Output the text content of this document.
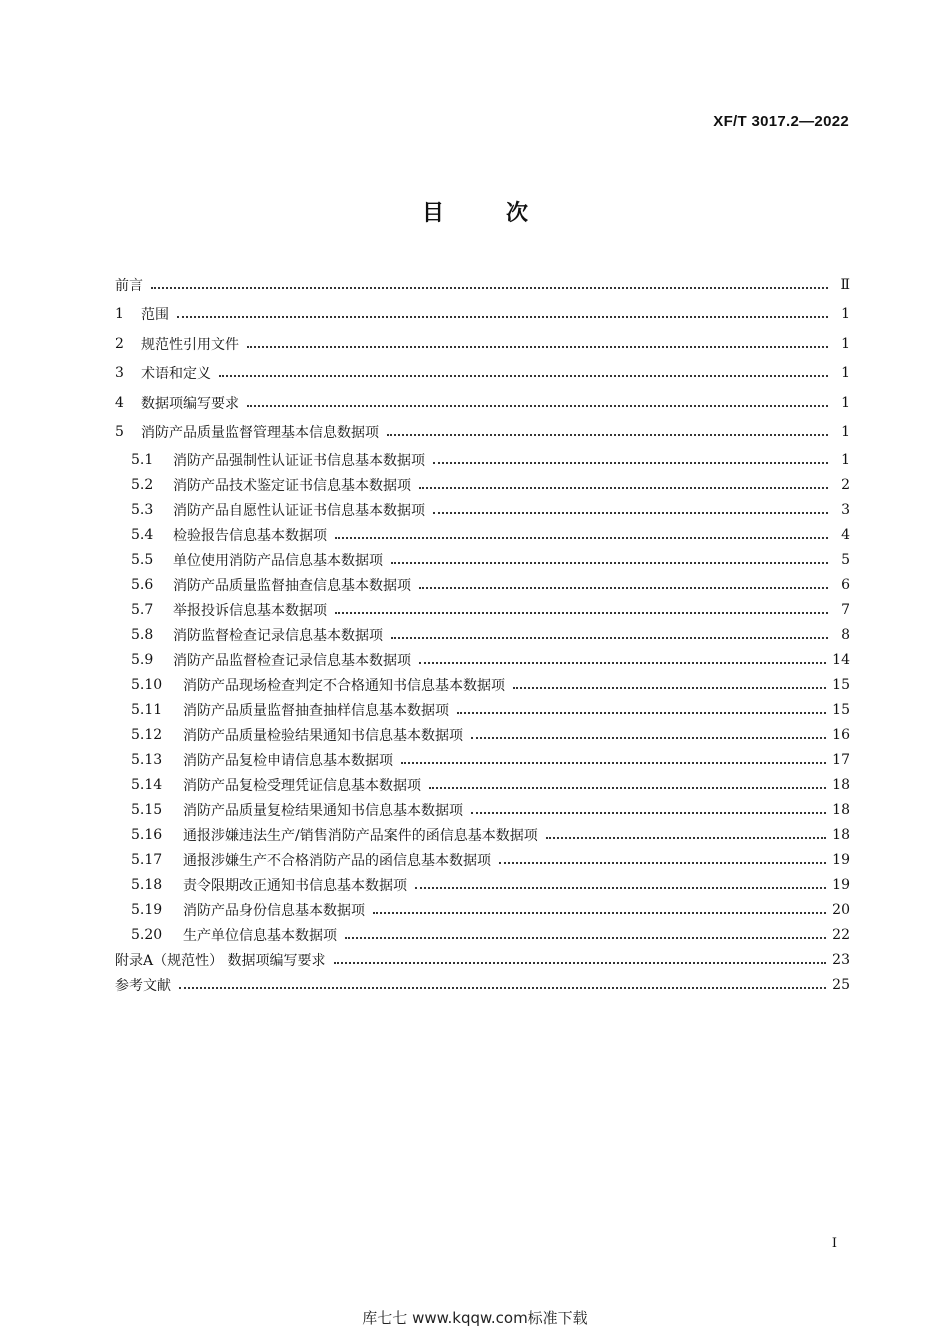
XF/T 3017.2—2022
目次
前言	Ⅱ
1	范围	1
2	规范性引用文件	1
3	术语和定义	1
4	数据项编写要求	1
5	消防产品质量监督管理基本信息数据项	1
5.1	消防产品强制性认证证书信息基本数据项	1
5.2	消防产品技术鉴定证书信息基本数据项	2
5.3	消防产品自愿性认证证书信息基本数据项	3
5.4	检验报告信息基本数据项	4
5.5	单位使用消防产品信息基本数据项	5
5.6	消防产品质量监督抽查信息基本数据项	6
5.7	举报投诉信息基本数据项	7
5.8	消防监督检查记录信息基本数据项	8
5.9	消防产品监督检查记录信息基本数据项	14
5.10	消防产品现场检查判定不合格通知书信息基本数据项	15
5.11	消防产品质量监督抽查抽样信息基本数据项	15
5.12	消防产品质量检验结果通知书信息基本数据项	16
5.13	消防产品复检申请信息基本数据项	17
5.14	消防产品复检受理凭证信息基本数据项	18
5.15	消防产品质量复检结果通知书信息基本数据项	18
5.16	通报涉嫌违法生产/销售消防产品案件的函信息基本数据项	18
5.17	通报涉嫌生产不合格消防产品的函信息基本数据项	19
5.18	责令限期改正通知书信息基本数据项	19
5.19	消防产品身份信息基本数据项	20
5.20	生产单位信息基本数据项	22
附录A（规范性） 数据项编写要求	23
参考文献	25
I
库七七 www.kqqw.com标准下载
